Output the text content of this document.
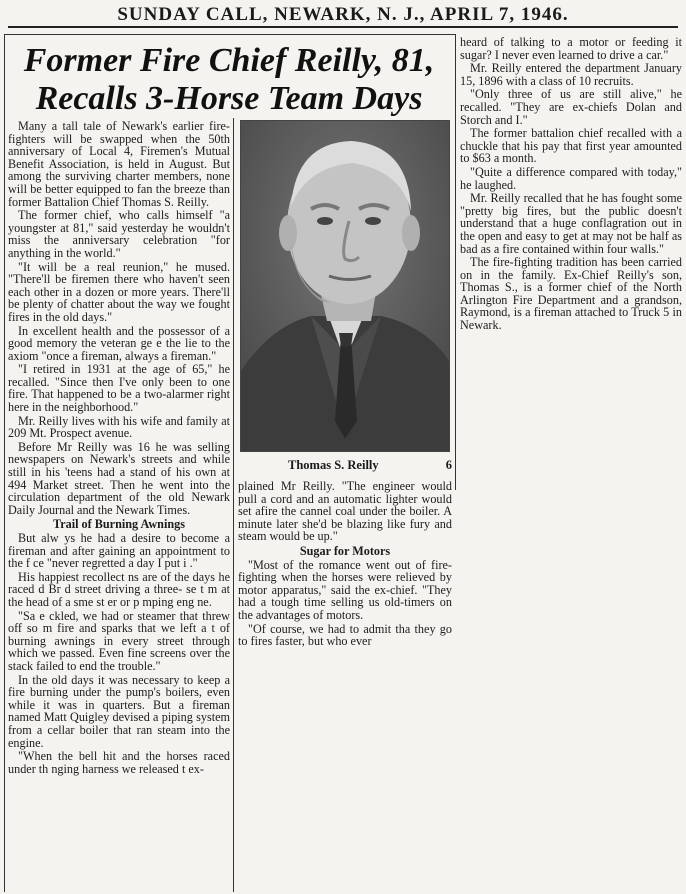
SUNDAY CALL, NEWARK, N. J., APRIL 7, 1946.
Former Fire Chief Reilly, 81,
Recalls 3-Horse Team Days
Thomas S. Reilly	6

Many a tall tale of Newark's earlier fire-fighters will be swapped when the 50th anniversary of Local 4, Firemen's Mutual Benefit Association, is held in August. But among the surviving charter members, none will be better equipped to fan the breeze than former Battalion Chief Thomas S. Reilly.

The former chief, who calls himself "a youngster at 81," said yesterday he wouldn't miss the anniversary celebration "for anything in the world."

"It will be a real reunion," he mused. "There'll be firemen there who haven't seen each other in a dozen or more years. There'll be plenty of chatter about the way we fought fires in the old days."

In excellent health and the possessor of a good memory the veteran ge e the lie to the axiom "once a fireman, always a fireman."

"I retired in 1931 at the age of 65," he recalled. "Since then I've only been to one fire. That happened to be a two-alarmer right here in the neighborhood."

Mr. Reilly lives with his wife and family at 209 Mt. Prospect avenue.

Before Mr Reilly was 16 he was selling newspapers on Newark's streets and while still in his 'teens had a stand of his own at 494 Market street. Then he went into the circulation department of the old Newark Daily Journal and the Newark Times.

Trail of Burning Awnings

But alw ys he had a desire to become a fireman and after gaining an appointment to the f ce "never regretted a day I put i ."

His happiest recollect ns are of the days he raced d Br d street driving a three- se t m at the head of a sme st er or p mping eng ne.

"Sa e ckled, we had or steamer that threw off so m fire and sparks that we left a t of burning awnings in every street through which we passed. Even fine screens over the stack failed to end the trouble."

In the old days it was necessary to keep a fire burning under the pump's boilers, even while it was in quarters. But a fireman named Matt Quigley devised a piping system from a cellar boiler that ran steam into the engine.

"When the bell hit and the horses raced under th nging harness we released t ex-

plained Mr Reilly. "The engineer would pull a cord and an automatic lighter would set afire the cannel coal under the boiler. A minute later she'd be blazing like fury and steam would be up."

Sugar for Motors

"Most of the romance went out of fire-fighting when the horses were relieved by motor apparatus," said the ex-chief. "They had a tough time selling us old-timers on the advantages of motors.

"Of course, we had to admit tha they go to fires faster, but who ever

heard of talking to a motor or feeding it sugar? I never even learned to drive a car."

Mr. Reilly entered the department January 15, 1896 with a class of 10 recruits.

"Only three of us are still alive," he recalled. "They are ex-chiefs Dolan and Storch and I."

The former battalion chief recalled with a chuckle that his pay that first year amounted to $63 a month.

"Quite a difference compared with today," he laughed.

Mr. Reilly recalled that he has fought some "pretty big fires, but the public doesn't understand that a huge conflagration out in the open and easy to get at may not be half as bad as a fire contained within four walls."

The fire-fighting tradition has been carried on in the family. Ex-Chief Reilly's son, Thomas S., is a former chief of the North Arlington Fire Department and a grandson, Raymond, is a fireman attached to Truck 5 in Newark.
